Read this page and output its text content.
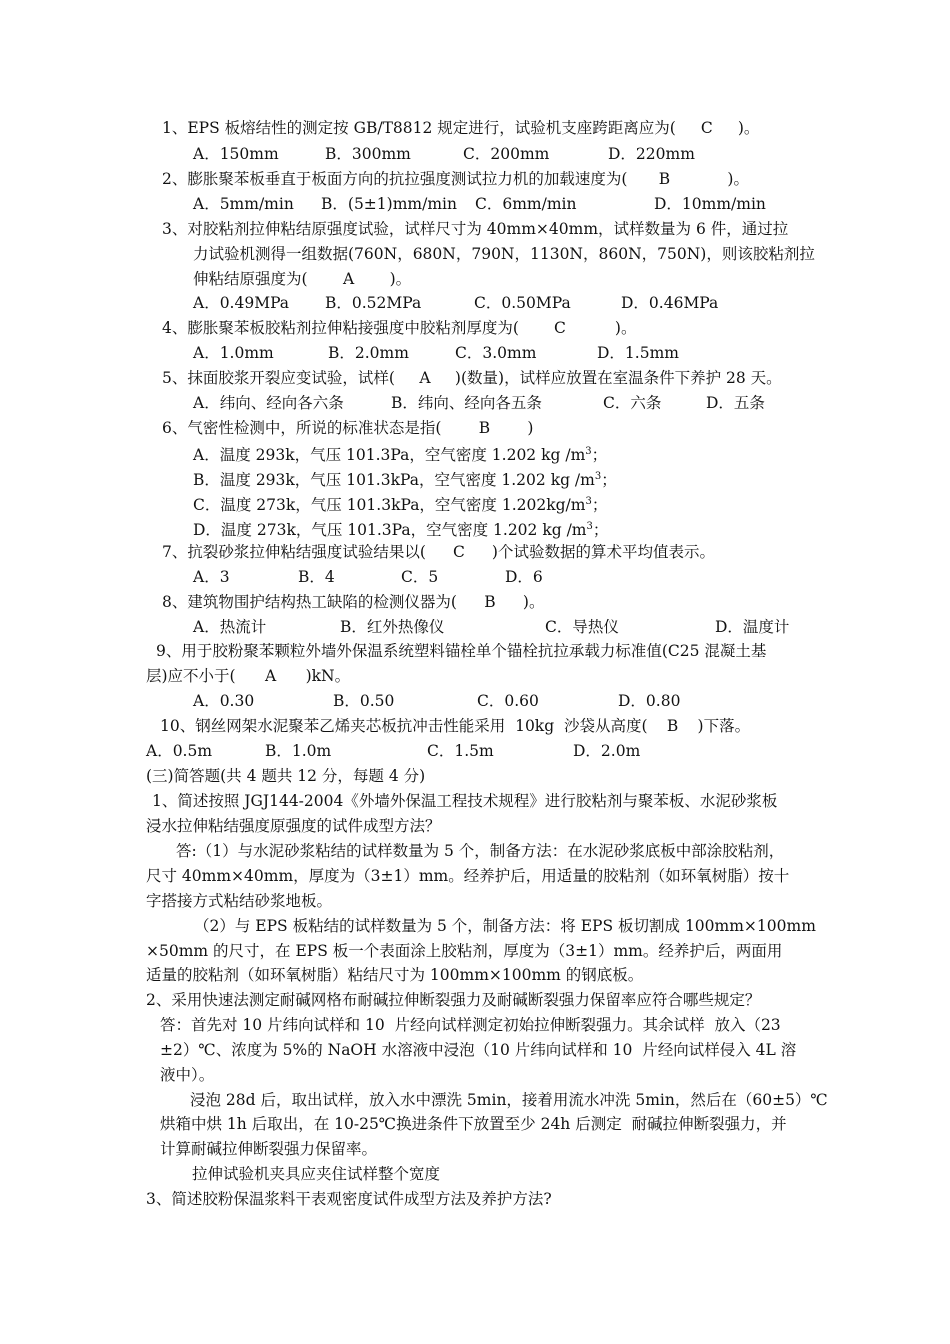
1、EPS 板熔结性的测定按 GB/T8812 规定进行，试验机支座跨距离应为( C )。

A．150mm

	B．300mm

	C．200mm

	D．220mm

2、膨胀聚苯板垂直于板面方向的抗拉强度测试拉力机的加载速度为( B	)。

A．5mm/min

B．(5±1)mm/min

C．6mm/min

	D．10mm/min

3、对胶粘剂拉伸粘结原强度试验，试样尺寸为 40mm×40mm，试样数量为 6 件，通过拉
力试验机测得一组数据(760N，680N，790N，1130N，860N，750N)，则该胶粘剂拉
伸粘结原强度为( A )。

A．0.49MPa

B．0.52MPa

	C．0.50MPa

	D．0.46MPa

4、膨胀聚苯板胶粘剂拉伸粘接强度中胶粘剂厚度为( C	)。

A．1.0mm

	B．2.0mm

	C．3.0mm

	D．1.5mm

5、抹面胶浆开裂应变试验，试样( A )(数量)，试样应放置在室温条件下养护 28 天。

A．纬向、经向各六条

	B．纬向、经向各五条

	C．六条

	D．五条

6、气密性检测中，所说的标准状态是指( B )
A．温度 293k，气压 101.3Pa，空气密度 1.202 kg $/m^3$；
B．温度 293k，气压 101.3kPa，空气密度 1.202 kg $/m^3$；
C．温度 273k，气压 101.3kPa，空气密度 $1.202kg/m^3$；
D．温度 273k，气压 101.3Pa，空气密度 1.202 kg $/m^3$；
7、抗裂砂浆拉伸粘结强度试验结果以( C )个试验数据的算术平均值表示。

A．3

	B．4

	C．5

	D．6

8、建筑物围护结构热工缺陷的检测仪器为( B )。

A．热流计

	B．红外热像仪

	C．导热仪

	D．温度计

9、用于胶粉聚苯颗粒外墙外保温系统塑料锚栓单个锚栓抗拉承载力标准值(C25 混凝土基
层)应不小于( A )kN。

A．0.30

	B．0.50

	C．0.60

	D．0.80

10、钢丝网架水泥聚苯乙烯夹芯板抗冲击性能采用  10kg  沙袋从高度( B )下落。

A．0.5m

	B．1.0m

	C．1.5m

	D．2.0m

(三)简答题(共 4 题共 12 分，每题 4 分)
1、简述按照 JGJ144-2004《外墙外保温工程技术规程》进行胶粘剂与聚苯板、水泥砂浆板
浸水拉伸粘结强度原强度的试件成型方法？
答:（1）与水泥砂浆粘结的试样数量为 5 个，制备方法：在水泥砂浆底板中部涂胶粘剂，
尺寸 40mm×40mm，厚度为（3±1）mm。经养护后，用适量的胶粘剂（如环氧树脂）按十
字搭接方式粘结砂浆地板。
（2）与 EPS 板粘结的试样数量为 5 个，制备方法：将 EPS 板切割成 100mm×100mm
×50mm 的尺寸，在 EPS 板一个表面涂上胶粘剂，厚度为（3±1）mm。经养护后，两面用
适量的胶粘剂（如环氧树脂）粘结尺寸为 100mm×100mm 的钢底板。
2、采用快速法测定耐碱网格布耐碱拉伸断裂强力及耐碱断裂强力保留率应符合哪些规定？
答：首先对 10 片纬向试样和 10  片经向试样测定初始拉伸断裂强力。其余试样  放入（23
±2）℃、浓度为 5%的 NaOH 水溶液中浸泡（10 片纬向试样和 10  片经向试样侵入 4L 溶
液中）。
浸泡 28d 后，取出试样，放入水中漂洗 5min，接着用流水冲洗 5min，然后在（60±5）℃
烘箱中烘 1h 后取出，在 10-25℃换进条件下放置至少 24h 后测定  耐碱拉伸断裂强力，并
计算耐碱拉伸断裂强力保留率。
拉伸试验机夹具应夹住试样整个宽度
3、简述胶粉保温浆料干表观密度试件成型方法及养护方法?
